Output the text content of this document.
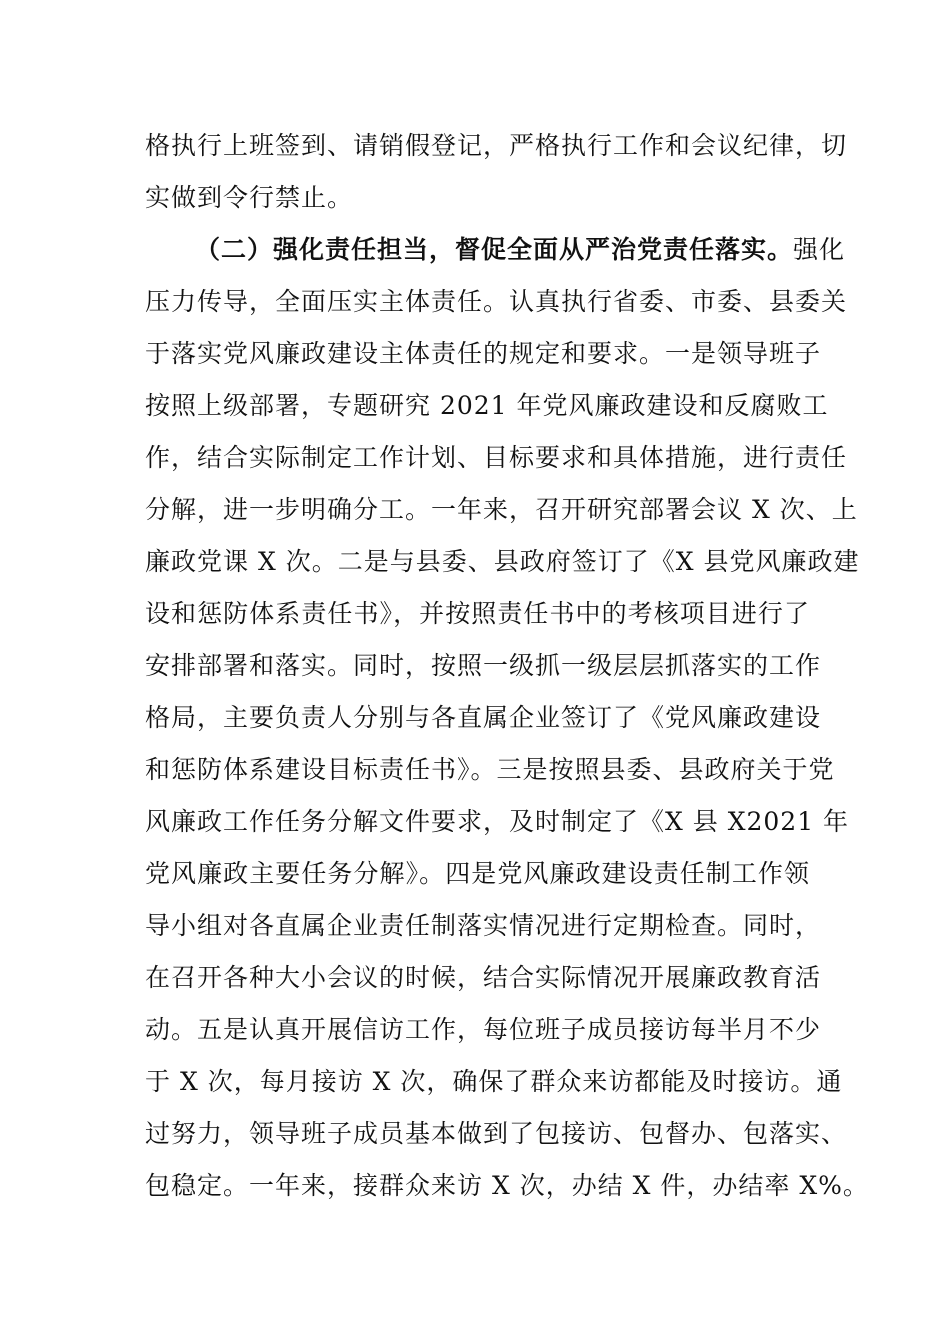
格执行上班签到、请销假登记，严格执行工作和会议纪律，切
实做到令行禁止。
（二）强化责任担当，督促全面从严治党责任落实。强化
压力传导，全面压实主体责任。认真执行省委、市委、县委关
于落实党风廉政建设主体责任的规定和要求。一是领导班子
按照上级部署，专题研究 2021 年党风廉政建设和反腐败工
作，结合实际制定工作计划、目标要求和具体措施，进行责任
分解，进一步明确分工。一年来，召开研究部署会议 X 次、上
廉政党课 X 次。二是与县委、县政府签订了《X 县党风廉政建
设和惩防体系责任书》，并按照责任书中的考核项目进行了
安排部署和落实。同时，按照一级抓一级层层抓落实的工作
格局，主要负责人分别与各直属企业签订了《党风廉政建设
和惩防体系建设目标责任书》。三是按照县委、县政府关于党
风廉政工作任务分解文件要求，及时制定了《X 县 X2021 年
党风廉政主要任务分解》。四是党风廉政建设责任制工作领
导小组对各直属企业责任制落实情况进行定期检查。同时，
在召开各种大小会议的时候，结合实际情况开展廉政教育活
动。五是认真开展信访工作，每位班子成员接访每半月不少
于 X 次，每月接访 X 次，确保了群众来访都能及时接访。通
过努力，领导班子成员基本做到了包接访、包督办、包落实、
包稳定。一年来，接群众来访 X 次，办结 X 件，办结率 X%。
